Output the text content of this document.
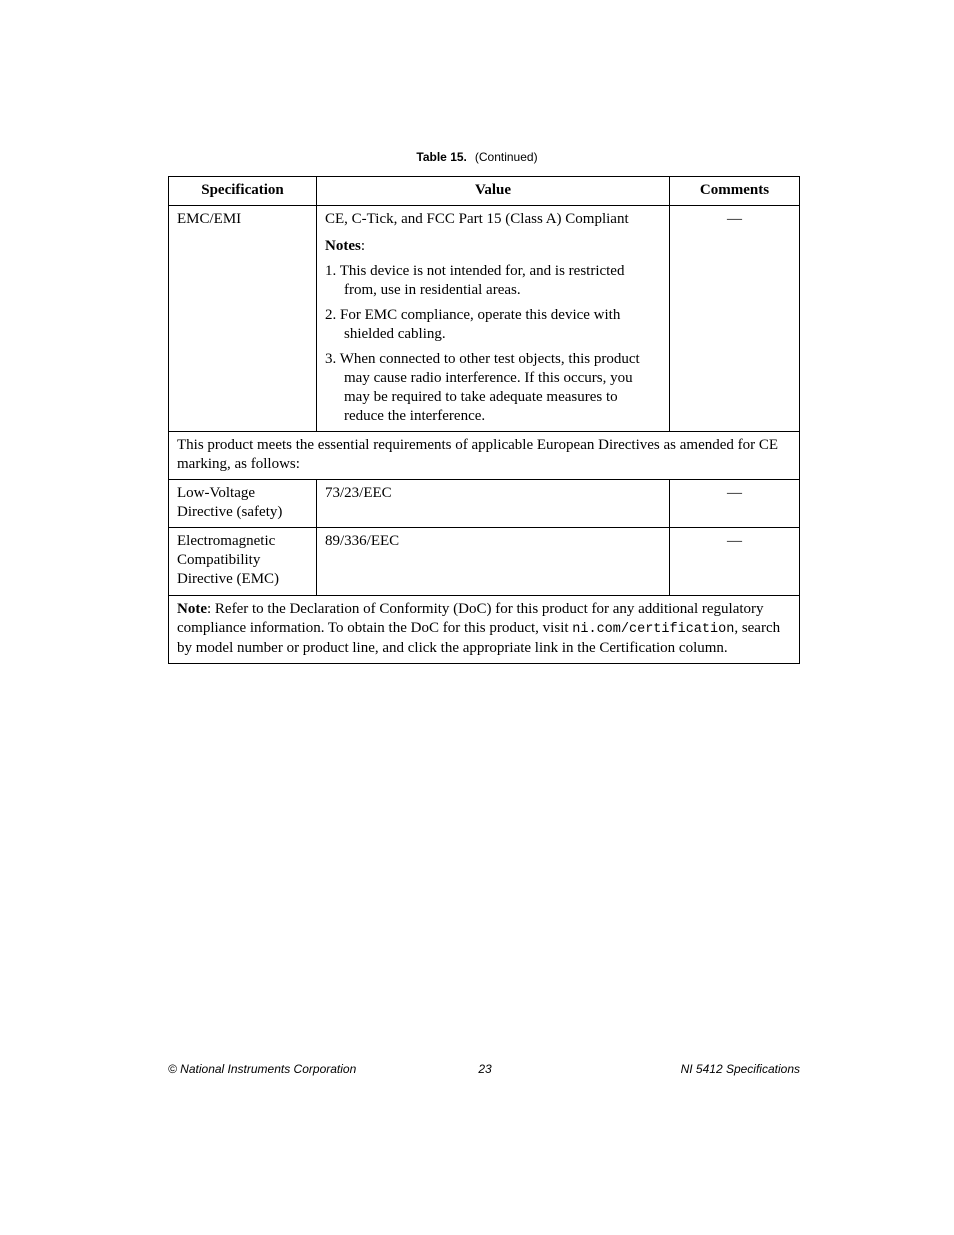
Table 15. (Continued)
Specification	Value	Comments
EMC/EMI	CE, C-Tick, and FCC Part 15 (Class A) Compliant

Notes:

1. This device is not intended for, and is restricted from, use in residential areas.

2. For EMC compliance, operate this device with shielded cabling.

3. When connected to other test objects, this product may cause radio interference. If this occurs, you may be required to take adequate measures to reduce the interference.	—
This product meets the essential requirements of applicable European Directives as amended for CE marking, as follows:		
Low-Voltage Directive (safety)	73/23/EEC	—
Electromagnetic Compatibility Directive (EMC)	89/336/EEC	—
Note: Refer to the Declaration of Conformity (DoC) for this product for any additional regulatory compliance information. To obtain the DoC for this product, visit ni.com/certification, search by model number or product line, and click the appropriate link in the Certification column.		
© National Instruments Corporation	23	NI 5412 Specifications
